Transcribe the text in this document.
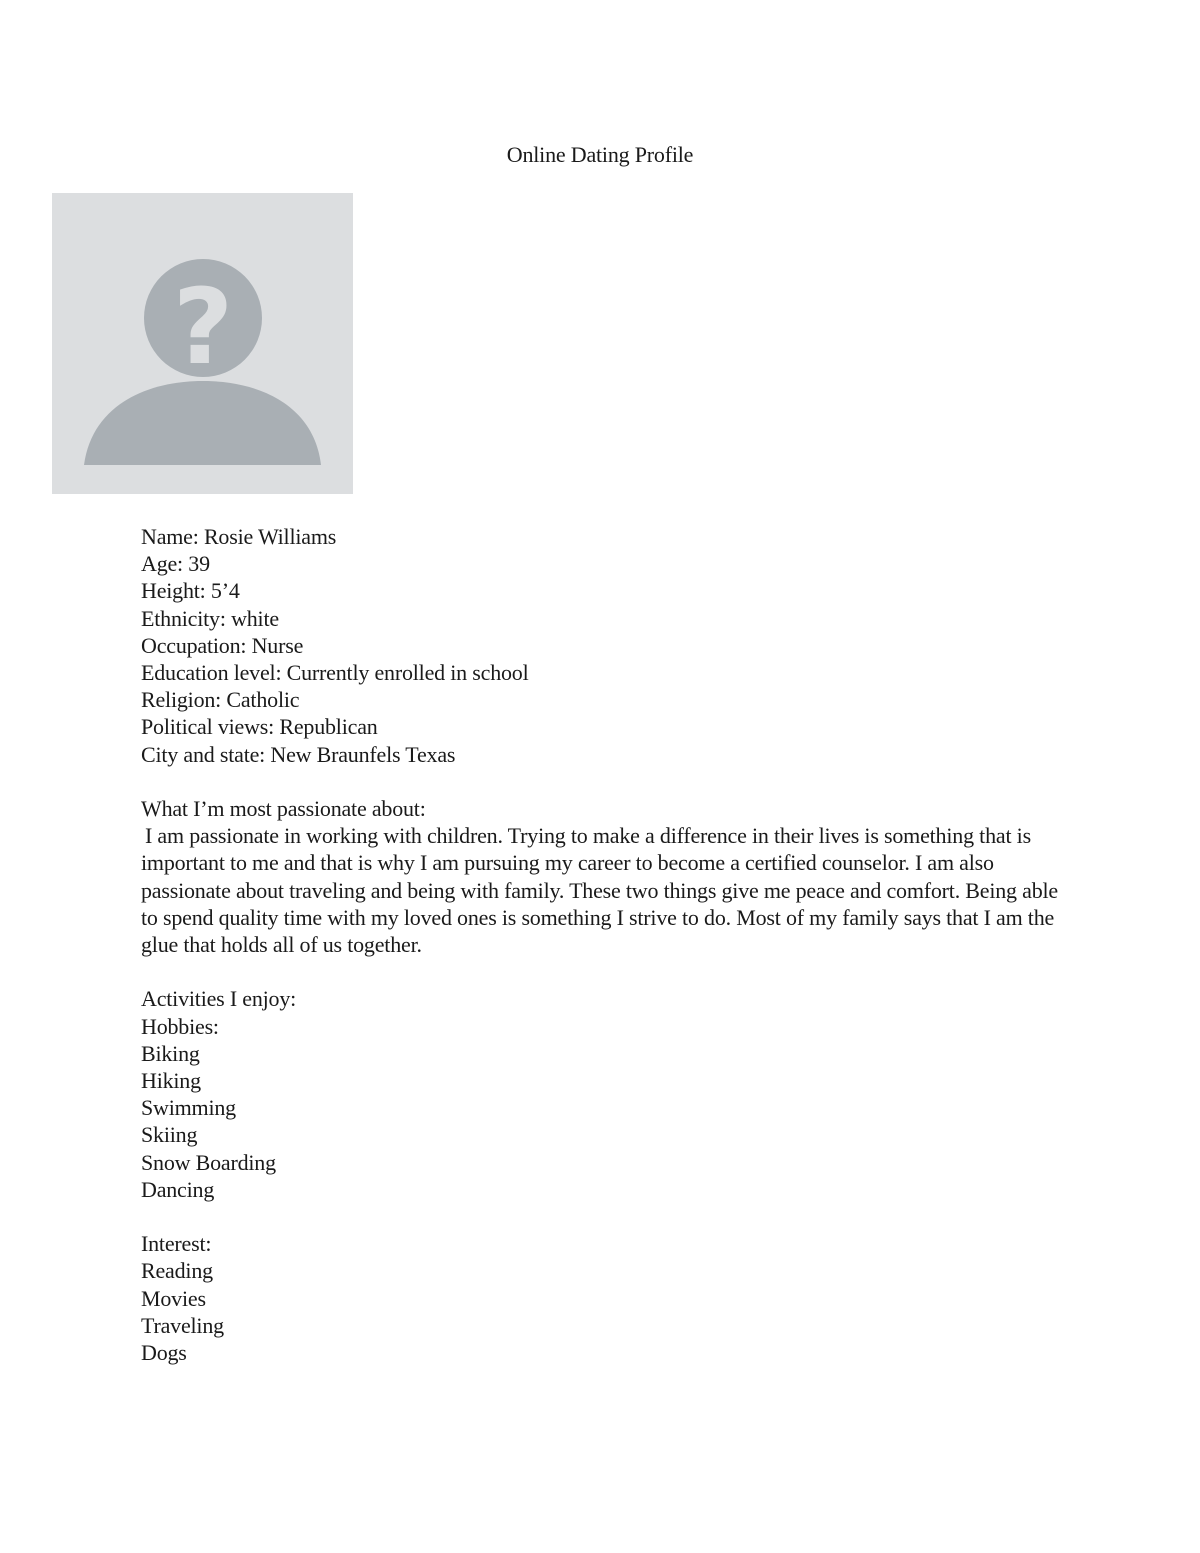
Online Dating Profile
?
Name: Rosie Williams
Age: 39
Height: 5’4
Ethnicity: white
Occupation: Nurse
Education level: Currently enrolled in school
Religion: Catholic
Political views: Republican
City and state: New Braunfels Texas
What I’m most passionate about:
I am passionate in working with children. Trying to make a difference in their lives is something that is important to me and that is why I am pursuing my career to become a certified counselor. I am also passionate about traveling and being with family. These two things give me peace and comfort. Being able to spend quality time with my loved ones is something I strive to do. Most of my family says that I am the glue that holds all of us together.
Activities I enjoy:
Hobbies:
Biking
Hiking
Swimming
Skiing
Snow Boarding
Dancing
Interest:
Reading
Movies
Traveling
Dogs
